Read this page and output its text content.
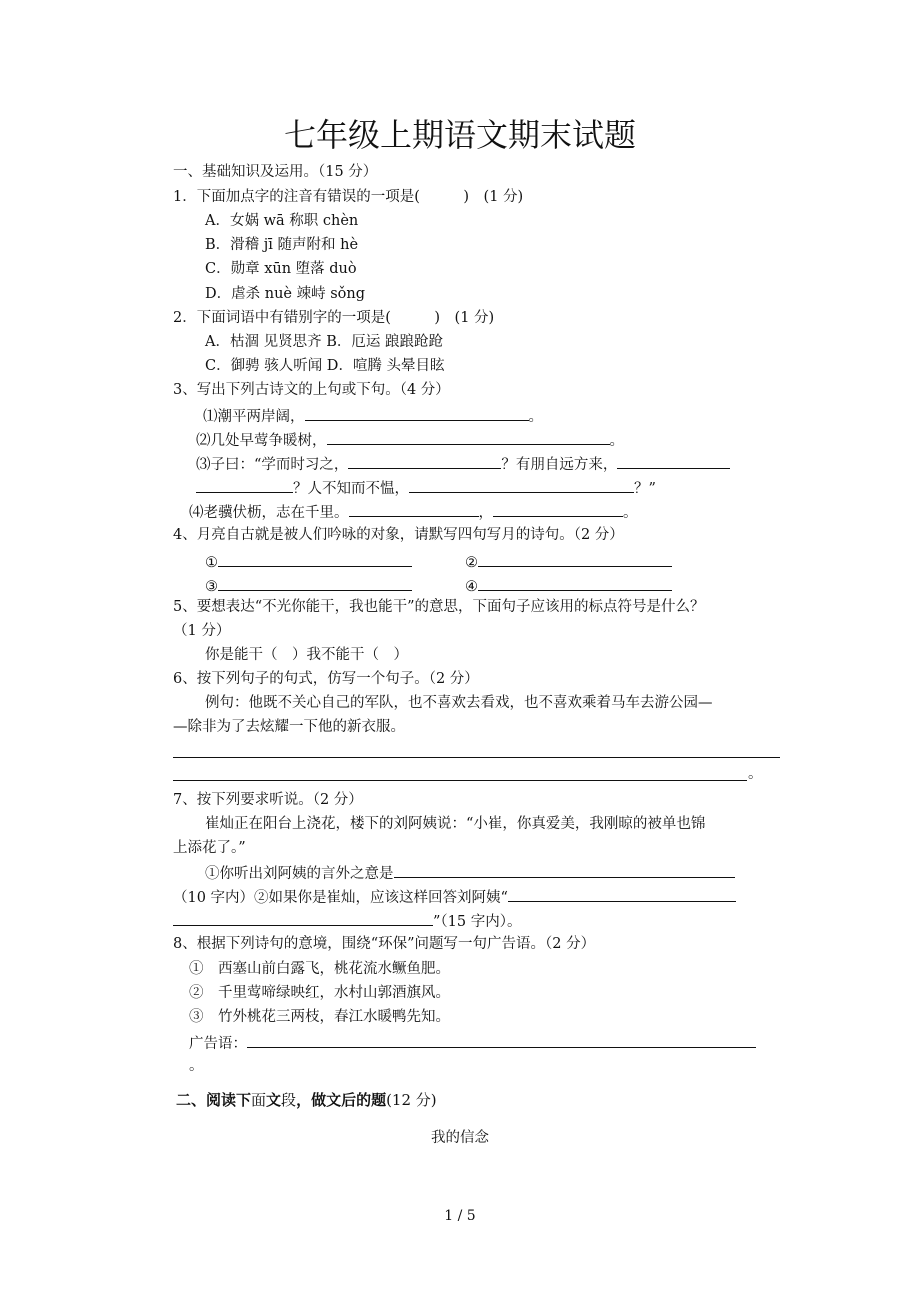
七年级上期语文期末试题
一、基础知识及运用。（15 分）
1．下面加点字的注音有错误的一项是(　　　)　(1 分)
A．女娲 wā 称职 chèn
B．滑稽 jī 随声附和 hè
C．勋章 xūn 堕落 duò
D．虐杀 nuè 竦峙 sǒng
2．下面词语中有错别字的一项是(　　　)　(1 分)
A．枯涸 见贤思齐 B．厄运 踉踉跄跄
C．御骋 骇人听闻 D．喧腾 头晕目眩
3、写出下列古诗文的上句或下句。（4 分）
⑴潮平两岸阔，	。
⑵几处早莺争暖树，	。
⑶子曰：“学而时习之，	？有朋自远方来，
？人不知而不愠，	？”
⑷老骥伏枥，志在千里。	，	。
4、月亮自古就是被人们吟咏的对象，请默写四句写月的诗句。（2 分）
①	②
③	④
5、要想表达“不光你能干，我也能干”的意思，下面句子应该用的标点符号是什么？
（1 分）
你是能干（　）我不能干（　）
6、按下列句子的句式，仿写一个句子。（2 分）
例句：他既不关心自己的军队，也不喜欢去看戏，也不喜欢乘着马车去游公园—
—除非为了去炫耀一下他的新衣服。
。
7、按下列要求听说。（2 分）
崔灿正在阳台上浇花，楼下的刘阿姨说：“小崔，你真爱美，我刚晾的被单也锦
上添花了。”
①你听出刘阿姨的言外之意是
（10 字内）②如果你是崔灿，应该这样回答刘阿姨“
”（15 字内）。
8、根据下列诗句的意境，围绕“环保”问题写一句广告语。（2 分）
①　西塞山前白露飞，桃花流水鳜鱼肥。
②　千里莺啼绿映红，水村山郭酒旗风。
③　竹外桃花三两枝，春江水暖鸭先知。
广告语：
。
二、阅读下面文段，做文后的题(12 分)
我的信念
1 / 5
